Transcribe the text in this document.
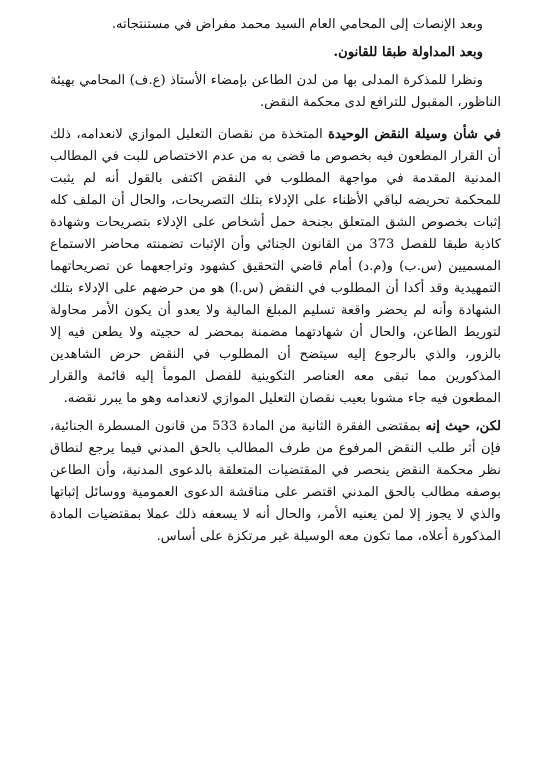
وبعد الإنصات إلى المحامي العام السيد محمد مفراض في مستنتجاته.

وبعد المداولة طبقا للقانون.

ونظرا للمذكرة المدلى بها من لدن الطاعن بإمضاء الأستاذ (ع.ف) المحامي بهيئة الناظور، المقبول للترافع لدى محكمة النقض.

في شأن وسيلة النقض الوحيدة المتخذة من نقصان التعليل الموازي لانعدامه، ذلك أن القرار المطعون فيه بخصوص ما قضى به من عدم الاختصاص للبت في المطالب المدنية المقدمة في مواجهة المطلوب في النقض اكتفى بالقول أنه لم يثبت للمحكمة تحريضه لباقي الأظناء على الإدلاء بتلك التصريحات، والحال أن الملف كله إثبات بخصوص الشق المتعلق بجنحة حمل أشخاص على الإدلاء بتصريحات وشهادة كاذبة طبقا للفصل 373 من القانون الجنائي وأن الإثبات تضمنته محاضر الاستماع المسميين (س.ب) و(م.د) أمام قاضي التحقيق كشهود وتراجعهما عن تصريحاتهما التمهيدية وقد أكدا أن المطلوب في النقض (س.ا) هو من حرضهم على الإدلاء بتلك الشهادة وأنه لم يحضر واقعة تسليم المبلغ المالية ولا يعدو أن يكون الأمر محاولة لتوريط الطاعن، والحال أن شهادتهما مضمنة بمحضر له حجيته ولا يطعن فيه إلا بالزور، والذي بالرجوع إليه سيتضح أن المطلوب في النقض حرض الشاهدين المذكورين مما تبقى معه العناصر التكوينية للفصل المومأ إليه قائمة والقرار المطعون فيه جاء مشوبا بعيب نقصان التعليل الموازي لانعدامه وهو ما يبرر نقضه.

لكن، حيث إنه بمقتضى الفقرة الثانية من المادة 533 من قانون المسطرة الجنائية، فإن أثر طلب النقض المرفوع من طرف المطالب بالحق المدني فيما يرجع لنطاق نظر محكمة النقض ينحصر في المقتضيات المتعلقة بالدعوى المدنية، وأن الطاعن بوصفه مطالب بالحق المدني اقتصر على مناقشة الدعوى العمومية ووسائل إثباتها والذي لا يجوز إلا لمن يعنيه الأمر، والحال أنه لا يسعفه ذلك عملا بمقتضيات المادة المذكورة أعلاه، مما تكون معه الوسيلة غير مرتكزة على أساس.
